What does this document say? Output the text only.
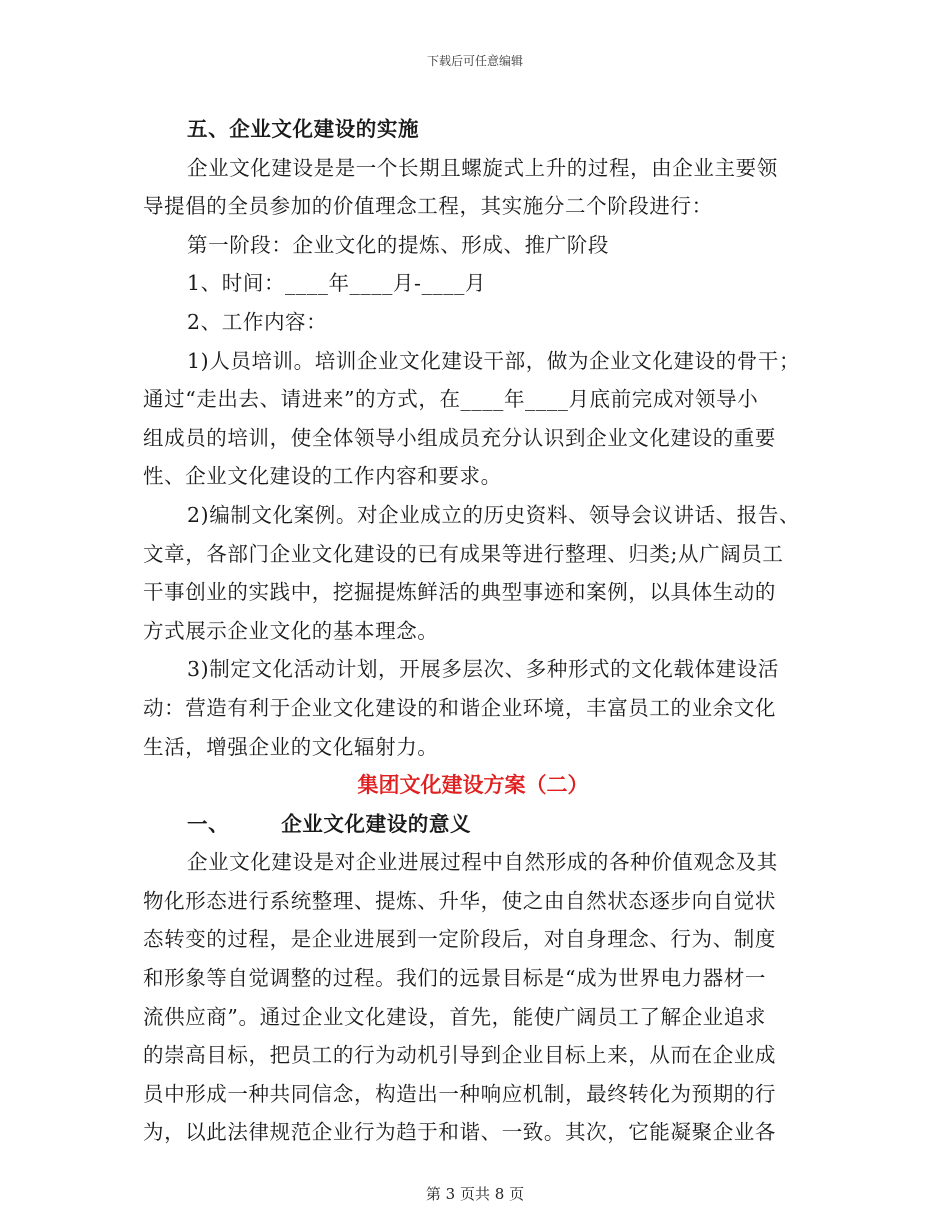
下载后可任意编辑
五、企业文化建设的实施
企业文化建设是是一个长期且螺旋式上升的过程，由企业主要领
导提倡的全员参加的价值理念工程，其实施分二个阶段进行：
第一阶段：企业文化的提炼、形成、推广阶段
1、时间：____年____月-____月
2、工作内容：
1)人员培训。培训企业文化建设干部，做为企业文化建设的骨干；
通过“走出去、请进来”的方式，在____年____月底前完成对领导小
组成员的培训，使全体领导小组成员充分认识到企业文化建设的重要
性、企业文化建设的工作内容和要求。
2)编制文化案例。对企业成立的历史资料、领导会议讲话、报告、
文章，各部门企业文化建设的已有成果等进行整理、归类;从广阔员工
干事创业的实践中，挖掘提炼鲜活的典型事迹和案例，以具体生动的
方式展示企业文化的基本理念。
3)制定文化活动计划，开展多层次、多种形式的文化载体建设活
动：营造有利于企业文化建设的和谐企业环境，丰富员工的业余文化
生活，增强企业的文化辐射力。
集团文化建设方案（二）
一、	企业文化建设的意义
企业文化建设是对企业进展过程中自然形成的各种价值观念及其
物化形态进行系统整理、提炼、升华，使之由自然状态逐步向自觉状
态转变的过程，是企业进展到一定阶段后，对自身理念、行为、制度
和形象等自觉调整的过程。我们的远景目标是“成为世界电力器材一
流供应商”。通过企业文化建设，首先，能使广阔员工了解企业追求
的崇高目标，把员工的行为动机引导到企业目标上来，从而在企业成
员中形成一种共同信念，构造出一种响应机制，最终转化为预期的行
为，以此法律规范企业行为趋于和谐、一致。其次，它能凝聚企业各
第 3 页共 8 页
